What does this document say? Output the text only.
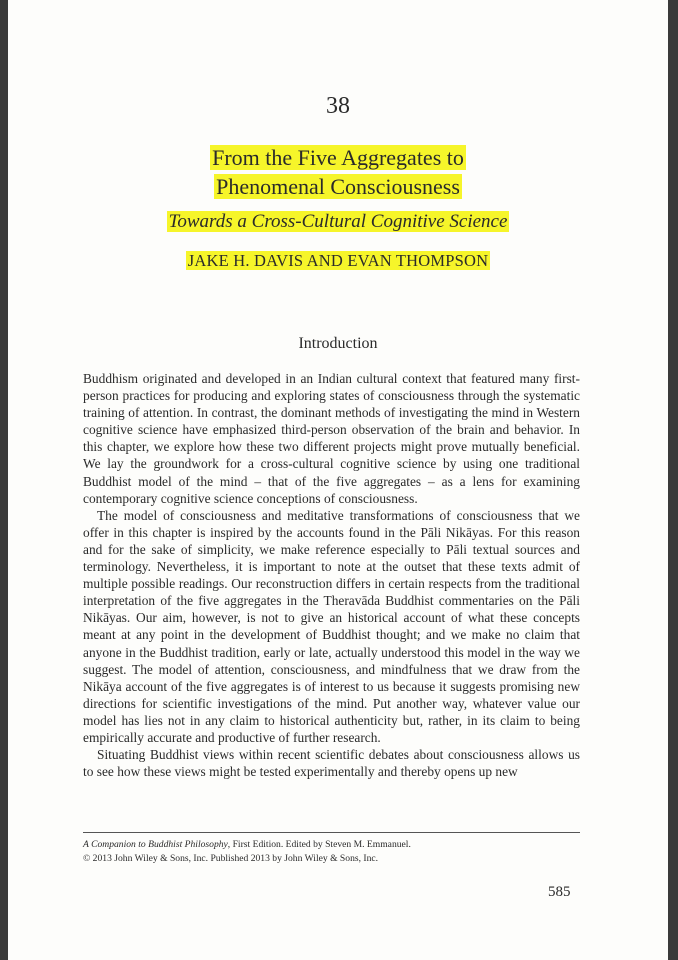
38
From the Five Aggregates to
Phenomenal Consciousness
Towards a Cross-Cultural Cognitive Science
JAKE H. DAVIS AND EVAN THOMPSON
Introduction

Buddhism originated and developed in an Indian cultural context that featured many first-person practices for producing and exploring states of consciousness through the systematic training of attention. In contrast, the dominant methods of investigating the mind in Western cognitive science have emphasized third-person observation of the brain and behavior. In this chapter, we explore how these two different projects might prove mutually beneficial. We lay the groundwork for a cross-cultural cognitive science by using one traditional Buddhist model of the mind – that of the five aggregates – as a lens for examining contemporary cognitive science conceptions of consciousness.

The model of consciousness and meditative transformations of consciousness that we offer in this chapter is inspired by the accounts found in the Pāli Nikāyas. For this reason and for the sake of simplicity, we make reference especially to Pāli textual sources and terminology. Nevertheless, it is important to note at the outset that these texts admit of multiple possible readings. Our reconstruction differs in certain respects from the traditional interpretation of the five aggregates in the Theravāda Buddhist commentaries on the Pāli Nikāyas. Our aim, however, is not to give an historical account of what these concepts meant at any point in the development of Buddhist thought; and we make no claim that anyone in the Buddhist tradition, early or late, actually understood this model in the way we suggest. The model of attention, consciousness, and mindfulness that we draw from the Nikāya account of the five aggregates is of interest to us because it suggests promising new directions for scientific investigations of the mind. Put another way, whatever value our model has lies not in any claim to historical authenticity but, rather, in its claim to being empirically accurate and productive of further research.

Situating Buddhist views within recent scientific debates about consciousness allows us to see how these views might be tested experimentally and thereby opens up new

A Companion to Buddhist Philosophy, First Edition. Edited by Steven M. Emmanuel.
© 2013 John Wiley & Sons, Inc. Published 2013 by John Wiley & Sons, Inc.
585
